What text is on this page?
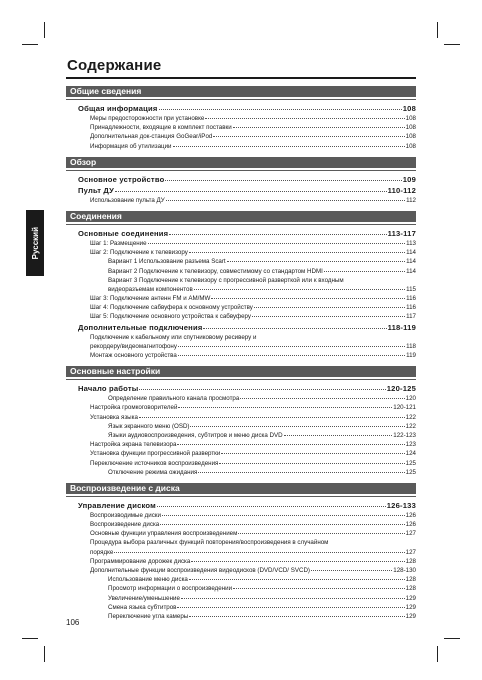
Содержание
Русский
Общие сведения
Общая информация	108
Меры предосторожности при установке	108
Принадлежности, входящие в комплект поставки	108
Дополнительная док-станция GoGear/iPod	108
Информация об утилизации	108
Обзор
Основное устройство	109
Пульт ДУ	110-112
Использование пульта ДУ	112
Соединения
Основные соединения	113-117
Шаг 1: Размещение	113
Шаг 2: Подключение к телевизору	114
Вариант 1 Использование разъема Scart	114
Вариант 2 Подключение к телевизору, совместимому со стандартом HDMI	114
Вариант 3 Подключение к телевизору с прогрессивной разверткой или к входным
видеоразъемам компонентов	115
Шаг 3: Подключение антенн FM и AM/MW	116
Шаг 4: Подключение сабвуфера к основному устройству	116
Шаг 5: Подключение основного устройства к сабвуферу	117
Дополнительные подключения	118-119
Подключение к кабельному или спутниковому ресиверу и
рекордеру/видеомагнитофону	118
Монтаж основного устройства	119
Основные настройки
Начало работы	120-125
Определение правильного канала просмотра	120
Настройка громкоговорителей	120-121
Установка языка	122
Язык экранного меню (OSD)	122
Языки аудиовоспроизведения, субтитров и меню диска DVD	122-123
Настройка экрана телевизора	123
Установка функции прогрессивной развертки	124
Переключение источников воспроизведения	125
Отключение режима ожидания	125
Воспроизведение с диска
Управление диском	126-133
Воспроизводимые диски	126
Воспроизведение диска	126
Основные функции управления воспроизведением	127
Процедура выбора различных функций повторения/воспроизведения в случайном
порядке	127
Программирование дорожек диска	128
Дополнительные функции воспроизведения видеодисков (DVD/VCD/ SVCD)	128-130
Использование меню диска	128
Просмотр информации о воспроизведении	128
Увеличение/уменьшение	129
Смена языка субтитров	129
Переключение угла камеры	129
106
